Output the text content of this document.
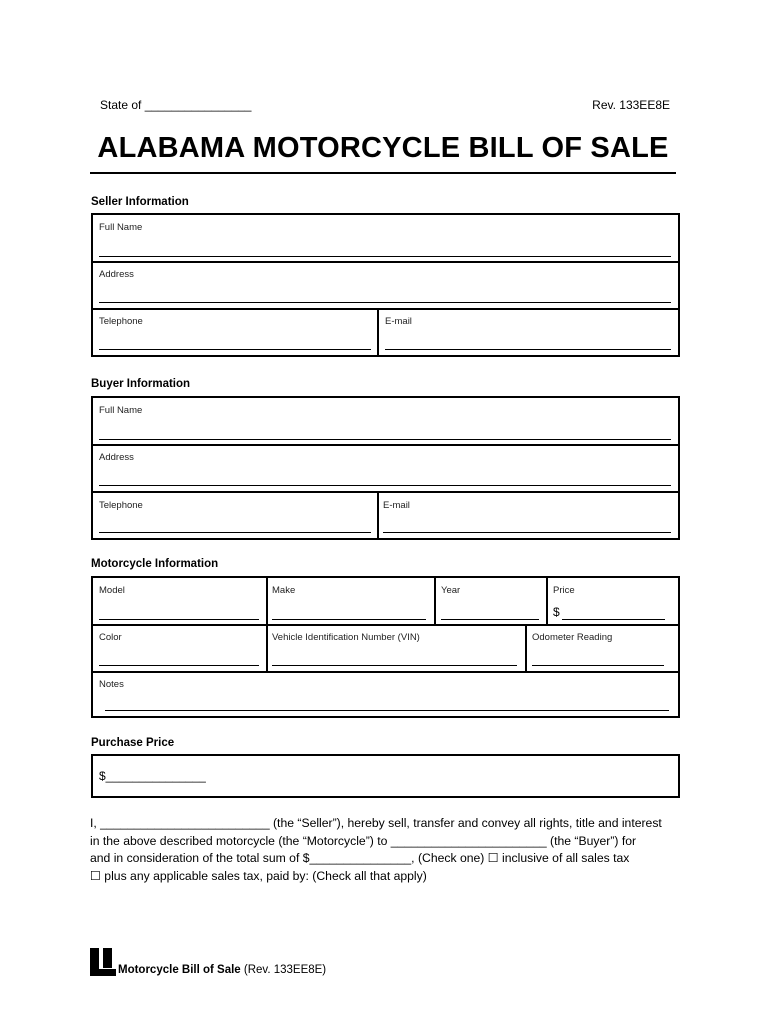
State of ________________	Rev. 133EE8E
ALABAMA MOTORCYCLE BILL OF SALE
Seller Information
Full Name
Address
Telephone	E-mail
Buyer Information
Full Name
Address
Telephone	E-mail
Motorcycle Information
Model	Make	Year	Price
$
Color	Vehicle Identification Number (VIN)	Odometer Reading
Notes
Purchase Price
$_______________
I, _________________________ (the “Seller”), hereby sell, transfer and convey all rights, title and interest
in the above described motorcycle (the “Motorcycle”) to _______________________ (the “Buyer”) for
and in consideration of the total sum of $_______________, (Check one) ☐ inclusive of all sales tax
☐ plus any applicable sales tax, paid by: (Check all that apply)
Motorcycle Bill of Sale (Rev. 133EE8E)
